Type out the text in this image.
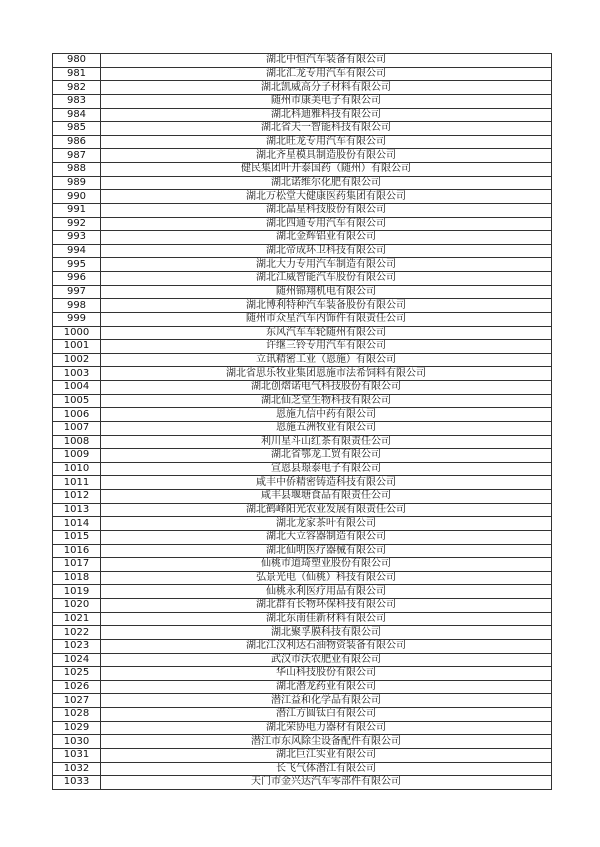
980	湖北中恒汽车装备有限公司
981	湖北汇龙专用汽车有限公司
982	湖北凯威高分子材料有限公司
983	随州市康美电子有限公司
984	湖北科迪雅科技有限公司
985	湖北省天一智能科技有限公司
986	湖北旺龙专用汽车有限公司
987	湖北齐星模具制造股份有限公司
988	健民集团叶开泰国药（随州）有限公司
989	湖北诺维尔化肥有限公司
990	湖北万松堂大健康医药集团有限公司
991	湖北晶星科技股份有限公司
992	湖北四通专用汽车有限公司
993	湖北金辉铝业有限公司
994	湖北帝成环卫科技有限公司
995	湖北大力专用汽车制造有限公司
996	湖北江威智能汽车股份有限公司
997	随州锦翔机电有限公司
998	湖北博利特种汽车装备股份有限公司
999	随州市众星汽车内饰件有限责任公司
1000	东风汽车车轮随州有限公司
1001	许继三铃专用汽车有限公司
1002	立讯精密工业（恩施）有限公司
1003	湖北省思乐牧业集团恩施市法希饲料有限公司
1004	湖北创熠诺电气科技股份有限公司
1005	湖北仙芝堂生物科技有限公司
1006	恩施九信中药有限公司
1007	恩施五洲牧业有限公司
1008	利川星斗山红茶有限责任公司
1009	湖北省鄂龙工贸有限公司
1010	宣恩县璟泰电子有限公司
1011	咸丰中侨精密铸造科技有限公司
1012	咸丰县堰塘食品有限责任公司
1013	湖北鹤峰阳光农业发展有限责任公司
1014	湖北龙家茶叶有限公司
1015	湖北大立容器制造有限公司
1016	湖北仙明医疗器械有限公司
1017	仙桃市道琦塑业股份有限公司
1018	弘景光电（仙桃）科技有限公司
1019	仙桃永利医疗用品有限公司
1020	湖北群有长物环保科技有限公司
1021	湖北东南佳新材料有限公司
1022	湖北聚孚膜科技有限公司
1023	湖北江汉利达石油物资装备有限公司
1024	武汉市沃农肥业有限公司
1025	华山科技股份有限公司
1026	湖北潜龙药业有限公司
1027	潜江益和化学品有限公司
1028	潜江方圆钛白有限公司
1029	湖北荣协电力器材有限公司
1030	潜江市东风除尘设备配件有限公司
1031	湖北巨江实业有限公司
1032	长飞气体潜江有限公司
1033	天门市金兴达汽车零部件有限公司
